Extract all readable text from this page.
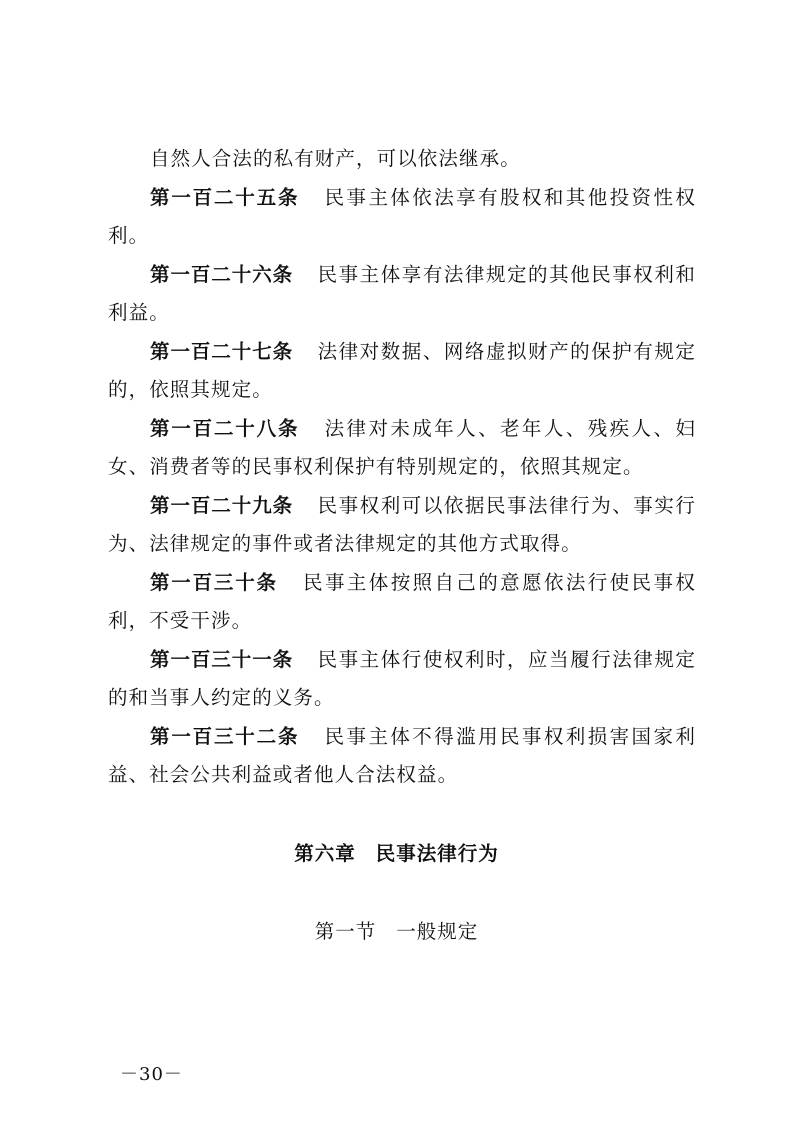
自然人合法的私有财产，可以依法继承。

第一百二十五条 民事主体依法享有股权和其他投资性权利。

第一百二十六条 民事主体享有法律规定的其他民事权利和利益。

第一百二十七条 法律对数据、网络虚拟财产的保护有规定的，依照其规定。

第一百二十八条 法律对未成年人、老年人、残疾人、妇女、消费者等的民事权利保护有特别规定的，依照其规定。

第一百二十九条 民事权利可以依据民事法律行为、事实行为、法律规定的事件或者法律规定的其他方式取得。

第一百三十条 民事主体按照自己的意愿依法行使民事权利，不受干涉。

第一百三十一条 民事主体行使权利时，应当履行法律规定的和当事人约定的义务。

第一百三十二条 民事主体不得滥用民事权利损害国家利益、社会公共利益或者他人合法权益。

第六章 民事法律行为
第一节 一般规定
－30－
